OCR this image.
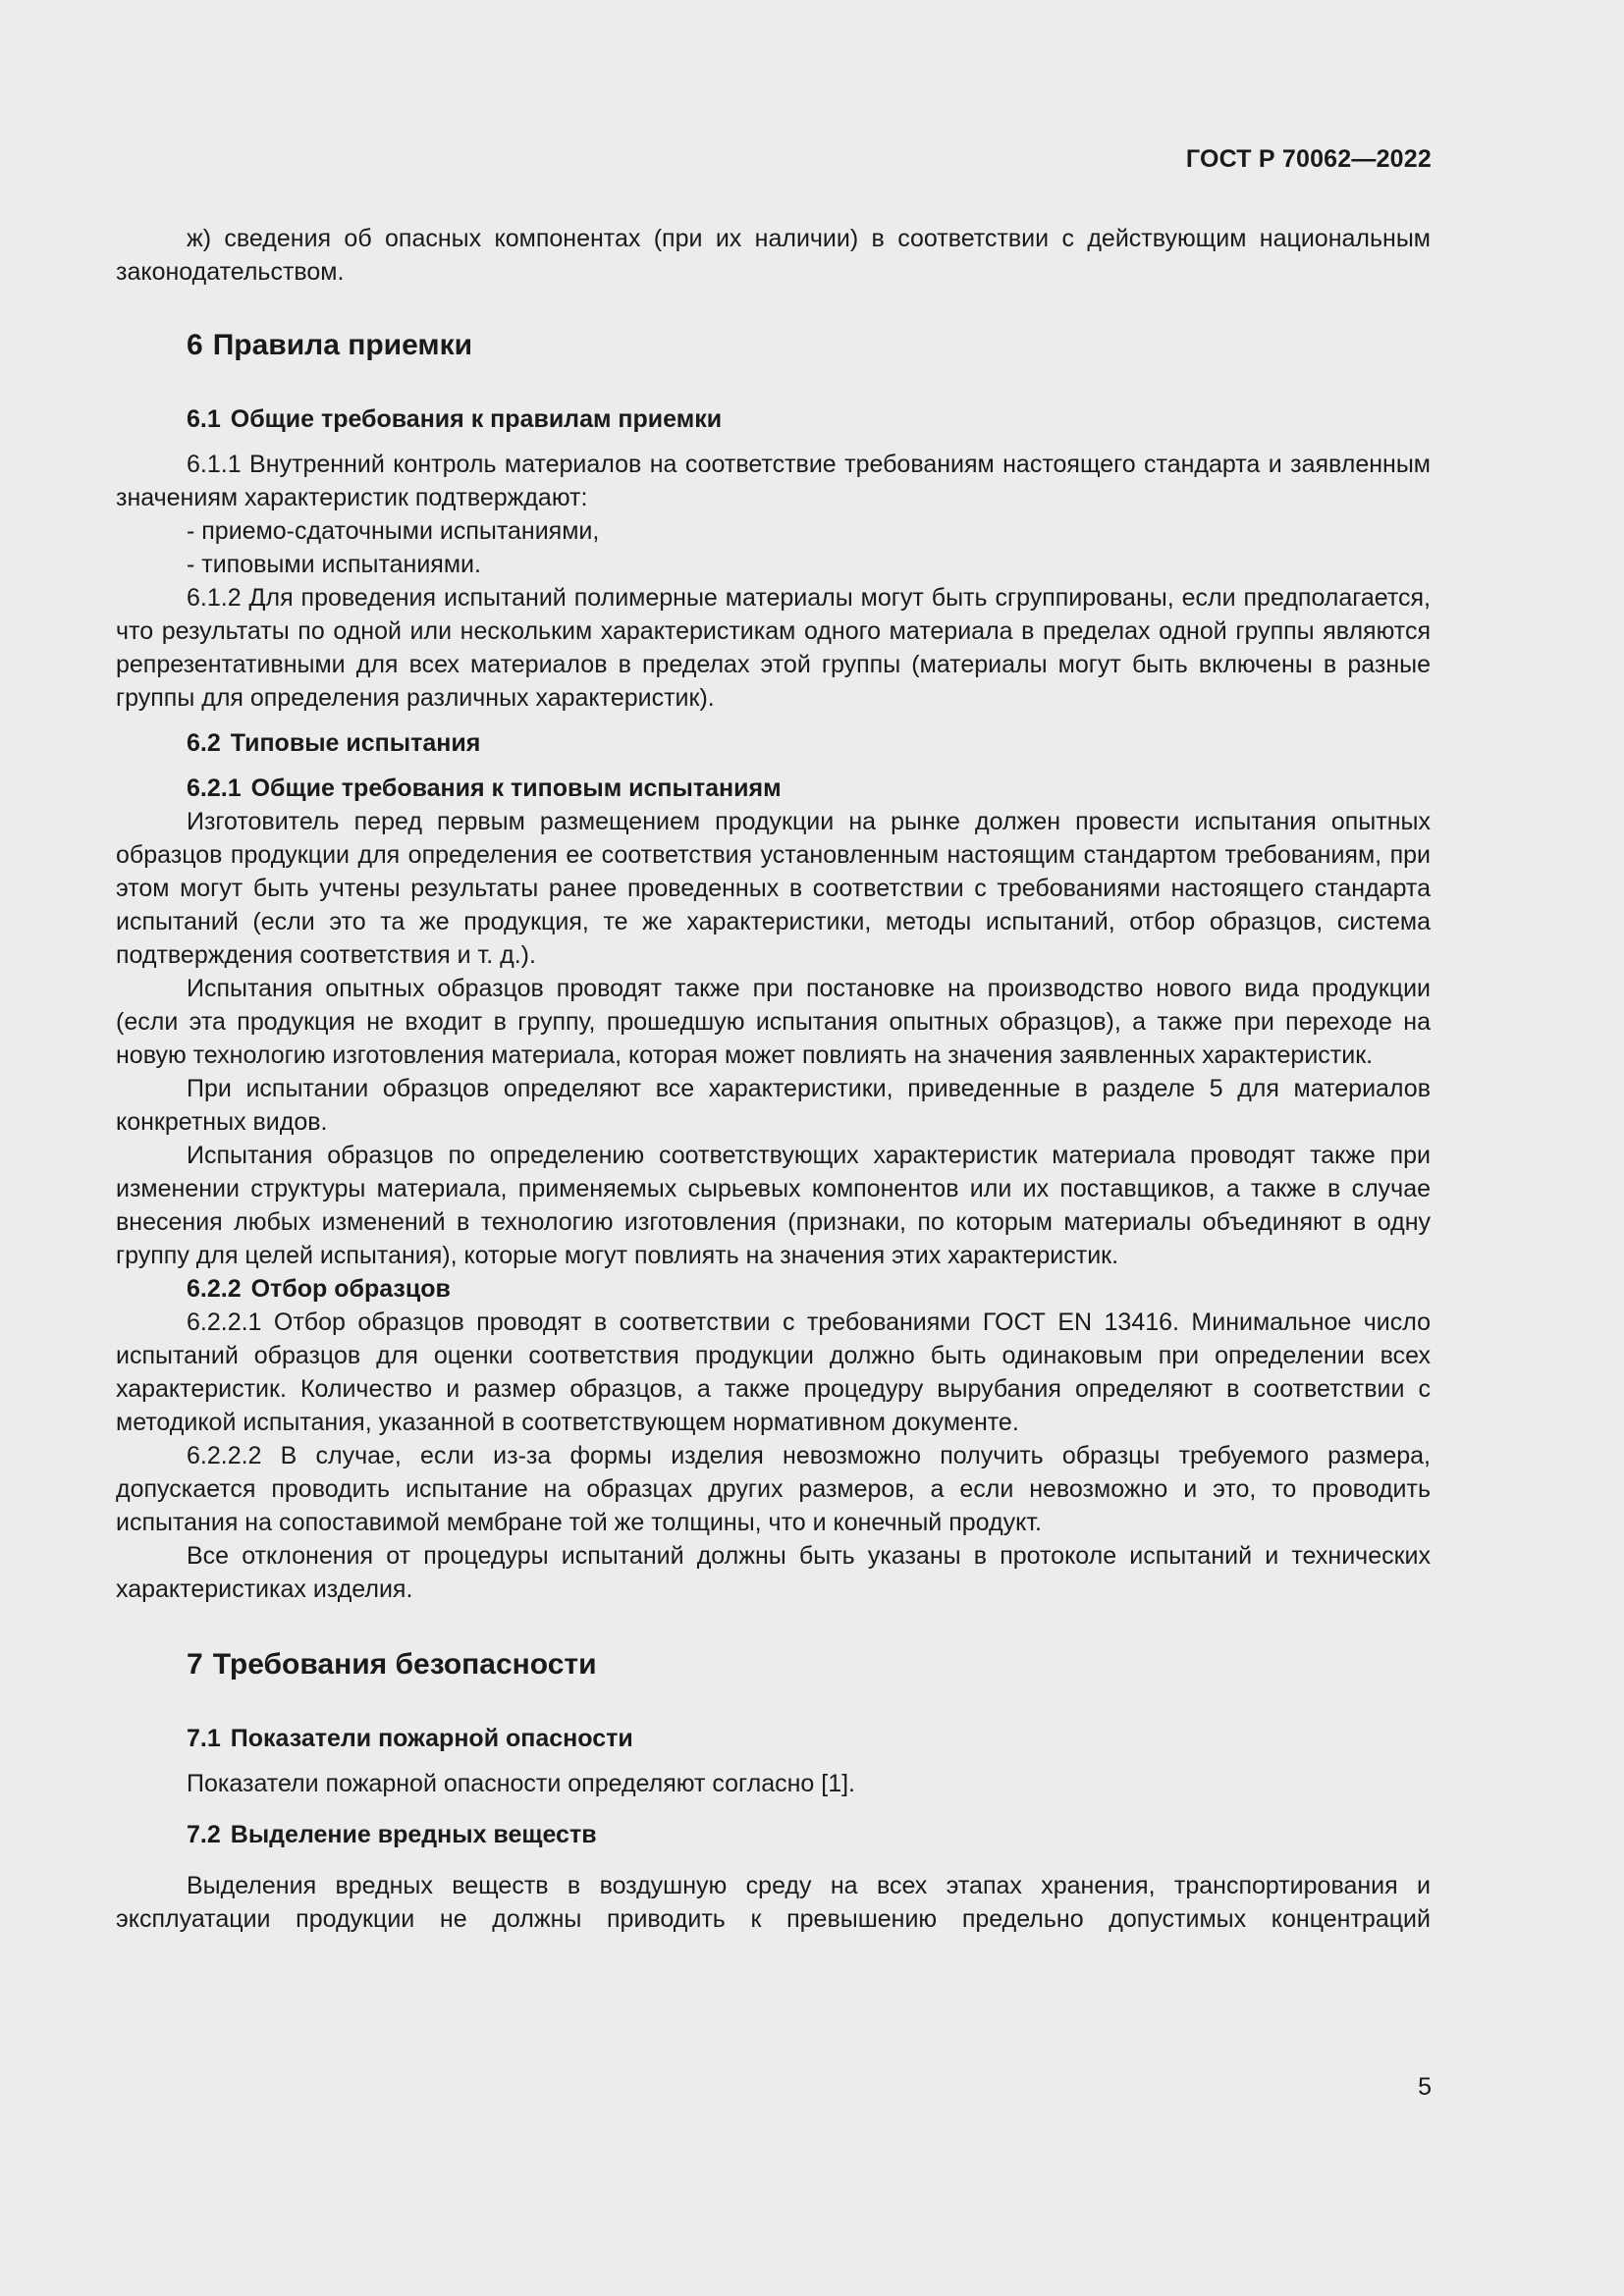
ГОСТ Р 70062—2022

ж) сведения об опасных компонентах (при их наличии) в соответствии с действующим национальным законодательством.

6 Правила приемки
6.1 Общие требования к правилам приемки

6.1.1 Внутренний контроль материалов на соответствие требованиям настоящего стандарта и заявленным значениям характеристик подтверждают:

- приемо-сдаточными испытаниями,

- типовыми испытаниями.

6.1.2 Для проведения испытаний полимерные материалы могут быть сгруппированы, если предполагается, что результаты по одной или нескольким характеристикам одного материала в пределах одной группы являются репрезентативными для всех материалов в пределах этой группы (материалы могут быть включены в разные группы для определения различных характеристик).

6.2 Типовые испытания
6.2.1 Общие требования к типовым испытаниям

Изготовитель перед первым размещением продукции на рынке должен провести испытания опытных образцов продукции для определения ее соответствия установленным настоящим стандартом требованиям, при этом могут быть учтены результаты ранее проведенных в соответствии с требованиями настоящего стандарта испытаний (если это та же продукция, те же характеристики, методы испытаний, отбор образцов, система подтверждения соответствия и т. д.).

Испытания опытных образцов проводят также при постановке на производство нового вида продукции (если эта продукция не входит в группу, прошедшую испытания опытных образцов), а также при переходе на новую технологию изготовления материала, которая может повлиять на значения заявленных характеристик.

При испытании образцов определяют все характеристики, приведенные в разделе 5 для материалов конкретных видов.

Испытания образцов по определению соответствующих характеристик материала проводят также при изменении структуры материала, применяемых сырьевых компонентов или их поставщиков, а также в случае внесения любых изменений в технологию изготовления (признаки, по которым материалы объединяют в одну группу для целей испытания), которые могут повлиять на значения этих характеристик.

6.2.2 Отбор образцов

6.2.2.1 Отбор образцов проводят в соответствии с требованиями ГОСТ EN 13416. Минимальное число испытаний образцов для оценки соответствия продукции должно быть одинаковым при определении всех характеристик. Количество и размер образцов, а также процедуру вырубания определяют в соответствии с методикой испытания, указанной в соответствующем нормативном документе.

6.2.2.2 В случае, если из-за формы изделия невозможно получить образцы требуемого размера, допускается проводить испытание на образцах других размеров, а если невозможно и это, то проводить испытания на сопоставимой мембране той же толщины, что и конечный продукт.

Все отклонения от процедуры испытаний должны быть указаны в протоколе испытаний и технических характеристиках изделия.

7 Требования безопасности
7.1 Показатели пожарной опасности

Показатели пожарной опасности определяют согласно [1].

7.2 Выделение вредных веществ

Выделения вредных веществ в воздушную среду на всех этапах хранения, транспортирования и эксплуатации продукции не должны приводить к превышению предельно допустимых концентраций

5
